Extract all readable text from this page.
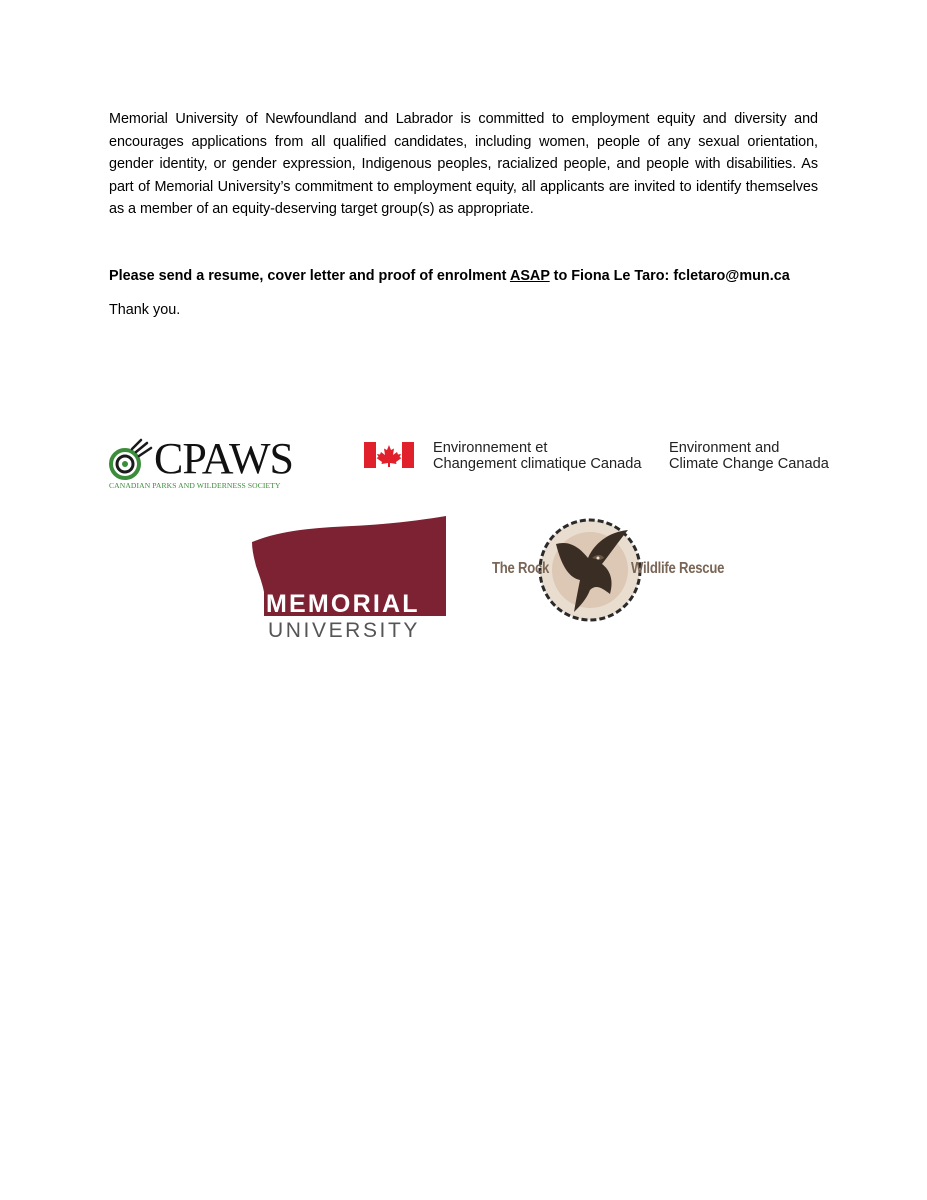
Memorial University of Newfoundland and Labrador is committed to employment equity and diversity and encourages applications from all qualified candidates, including women, people of any sexual orientation, gender identity, or gender expression, Indigenous peoples, racialized people, and people with disabilities. As part of Memorial University’s commitment to employment equity, all applicants are invited to identify themselves as a member of an equity-deserving target group(s) as appropriate.

Please send a resume, cover letter and proof of enrolment ASAP to Fiona Le Taro: fcletaro@mun.ca

Thank you.

CPAWS
CANADIAN PARKS AND WILDERNESS SOCIETY
Environnement et
Changement climatique Canada
Environment and
Climate Change Canada
MEMORIAL
UNIVERSITY
The Rock	Wildlife Rescue
